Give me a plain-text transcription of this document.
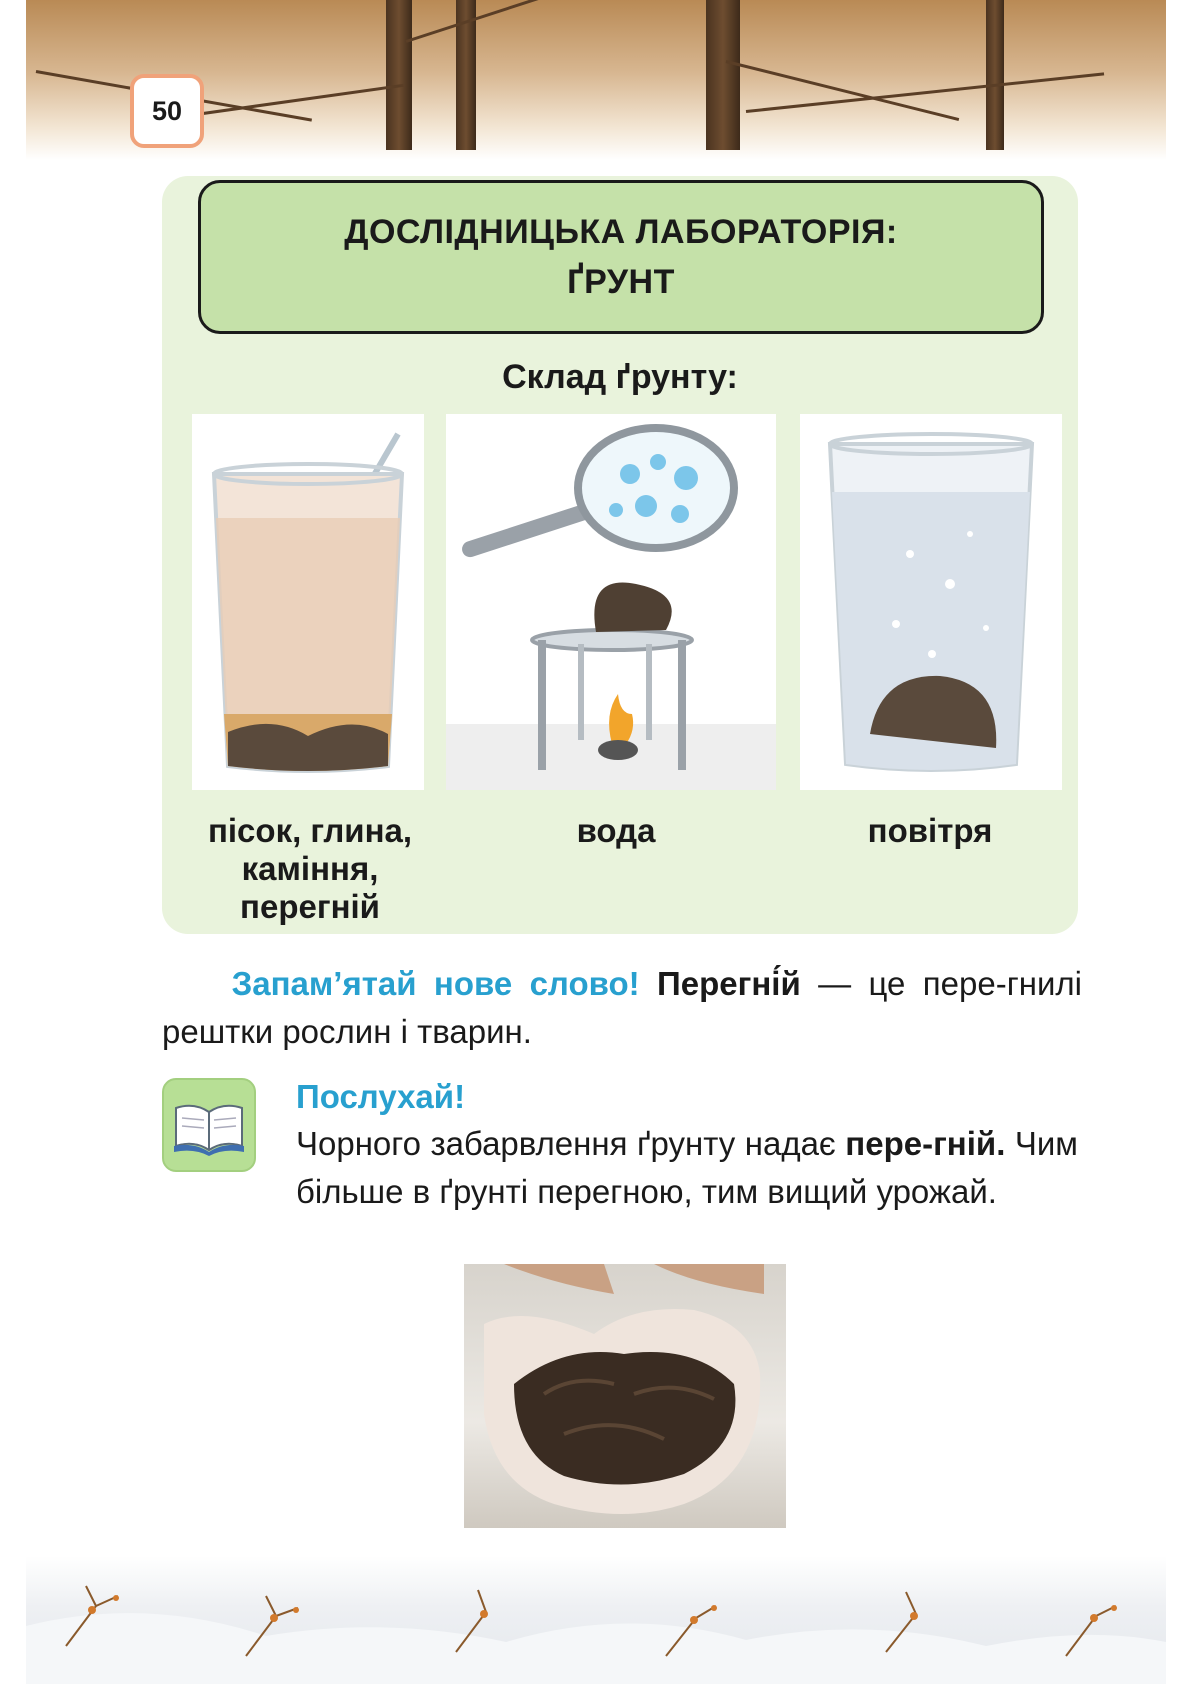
50
ДОСЛІДНИЦЬКА ЛАБОРАТОРІЯ:
ҐРУНТ
Склад ґрунту:
пісок, глина,
каміння,
перегній
вода	повітря
Запам’ятай нове слово! Перегні́й — це пере-гнилі рештки рослин і тварин.
Послухай!
Чорного забарвлення ґрунту надає пере-гній. Чим більше в ґрунті перегною, тим вищий урожай.
